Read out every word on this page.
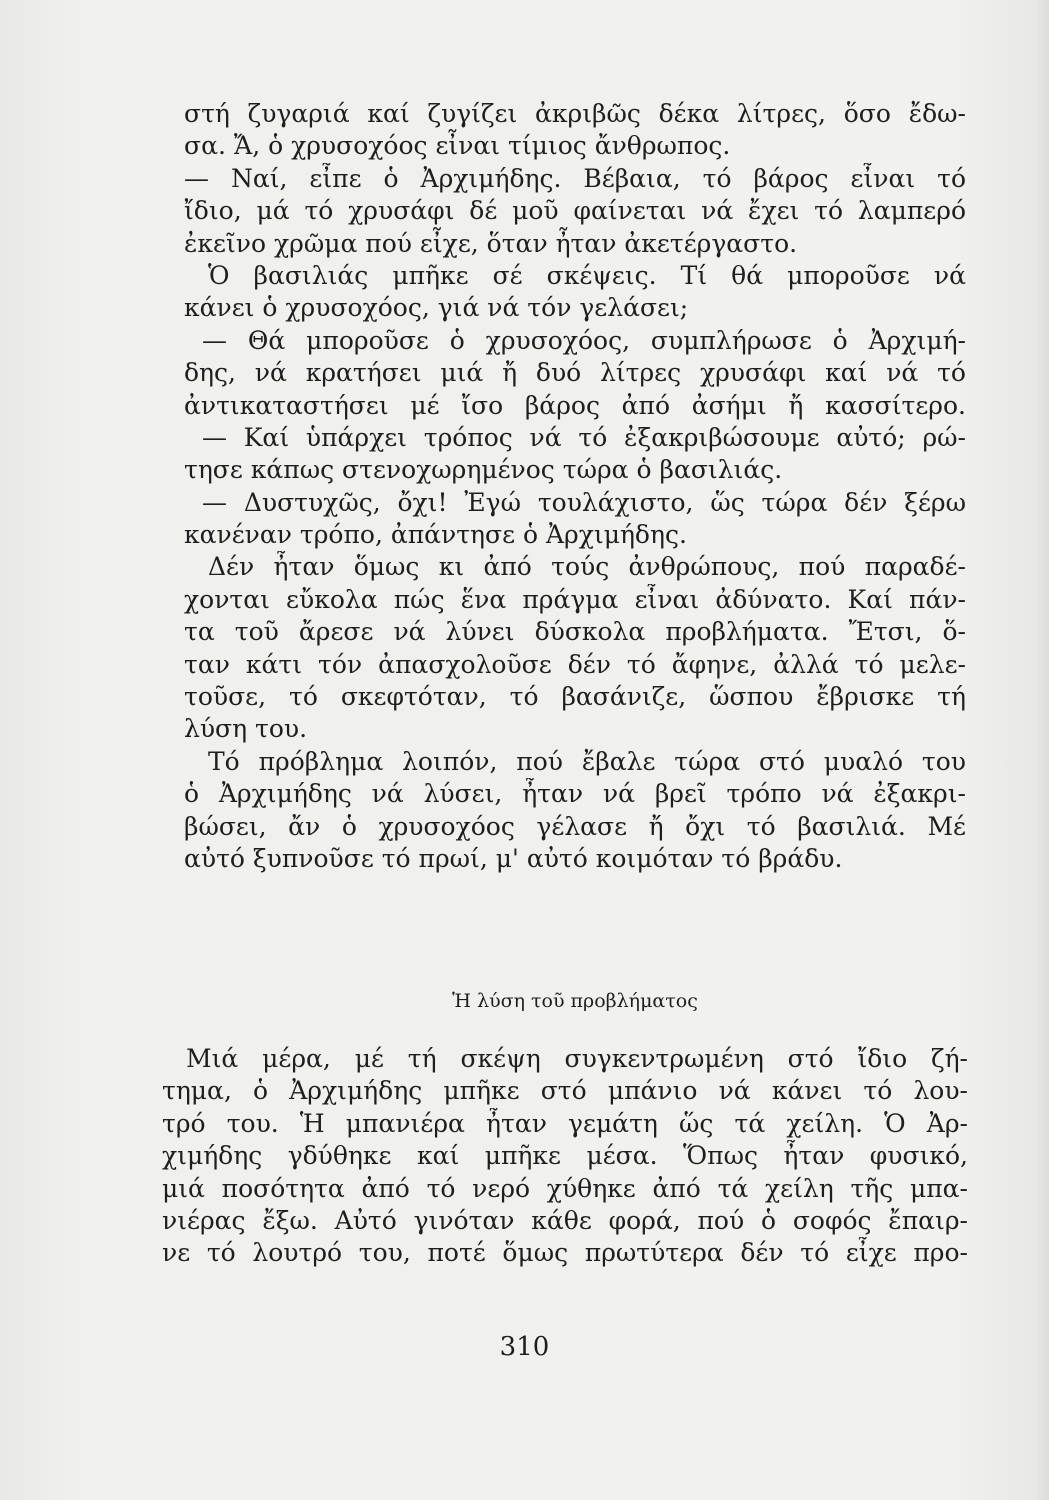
στή ζυγαριά καί ζυγίζει ἀκριβῶς δέκα λίτρες, ὅσο ἔδω-
σα. Ἄ, ὁ χρυσοχόος εἶναι τίμιος ἄνθρωπος.
— Ναί, εἶπε ὁ Ἀρχιμήδης. Βέβαια, τό βάρος εἶναι τό
ἴδιο, μά τό χρυσάφι δέ μοῦ φαίνεται νά ἔχει τό λαμπερό
ἐκεῖνο χρῶμα πού εἶχε, ὅταν ἦταν ἀκετέργαστο.
Ὁ βασιλιάς μπῆκε σέ σκέψεις. Τί θά μποροῦσε νά
κάνει ὁ χρυσοχόος, γιά νά τόν γελάσει;
— Θά μποροῦσε ὁ χρυσοχόος, συμπλήρωσε ὁ Ἀρχιμή-
δης, νά κρατήσει μιά ἤ δυό λίτρες χρυσάφι καί νά τό
ἀντικαταστήσει μέ ἴσο βάρος ἀπό ἀσήμι ἤ κασσίτερο.
— Καί ὑπάρχει τρόπος νά τό ἐξακριβώσουμε αὐτό; ρώ-
τησε κάπως στενοχωρημένος τώρα ὁ βασιλιάς.
— Δυστυχῶς, ὄχι! Ἐγώ τουλάχιστο, ὥς τώρα δέν ξέρω
κανέναν τρόπο, ἀπάντησε ὁ Ἀρχιμήδης.
Δέν ἦταν ὅμως κι ἀπό τούς ἀνθρώπους, πού παραδέ-
χονται εὔκολα πώς ἕνα πράγμα εἶναι ἀδύνατο. Καί πάν-
τα τοῦ ἄρεσε νά λύνει δύσκολα προβλήματα. Ἔτσι, ὅ-
ταν κάτι τόν ἀπασχολοῦσε δέν τό ἄφηνε, ἀλλά τό μελε-
τοῦσε, τό σκεφτόταν, τό βασάνιζε, ὥσπου ἔβρισκε τή
λύση του.
Τό πρόβλημα λοιπόν, πού ἔβαλε τώρα στό μυαλό του
ὁ Ἀρχιμήδης νά λύσει, ἦταν νά βρεῖ τρόπο νά ἐξακρι-
βώσει, ἄν ὁ χρυσοχόος γέλασε ἤ ὄχι τό βασιλιά. Μέ
αὐτό ξυπνοῦσε τό πρωί, μ' αὐτό κοιμόταν τό βράδυ.
Ἡ λύση τοῦ προβλήματος
Μιά μέρα, μέ τή σκέψη συγκεντρωμένη στό ἴδιο ζή-
τημα, ὁ Ἀρχιμήδης μπῆκε στό μπάνιο νά κάνει τό λου-
τρό του. Ἡ μπανιέρα ἦταν γεμάτη ὥς τά χείλη. Ὁ Ἀρ-
χιμήδης γδύθηκε καί μπῆκε μέσα. Ὅπως ἦταν φυσικό,
μιά ποσότητα ἀπό τό νερό χύθηκε ἀπό τά χείλη τῆς μπα-
νιέρας ἔξω. Αὐτό γινόταν κάθε φορά, πού ὁ σοφός ἔπαιρ-
νε τό λουτρό του, ποτέ ὅμως πρωτύτερα δέν τό εἶχε προ-
310
